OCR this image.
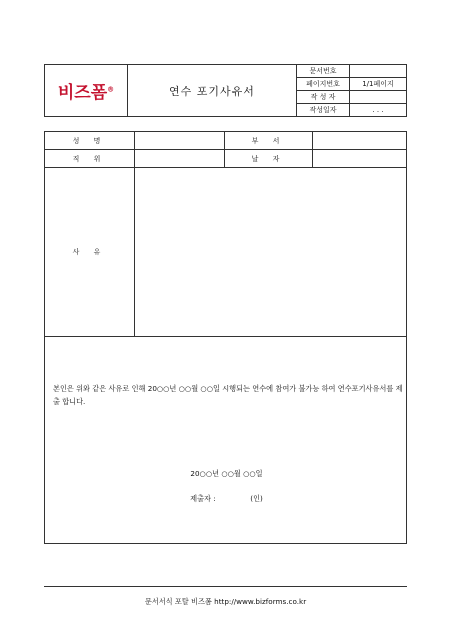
비즈폼®	연수 포기사유서	문서번호	
		페이지번호	1/1페이지
		작 성 자	
		작성일자	. . .
성 명		부 서	
직 위		날 자	
사 유			
본인은 위와 같은 사유로 인해 20○○년 ○○월 ○○일 시행되는 연수에 참여가 불가능 하여 연수포기사유서를 제출 합니다.
20○○년 ○○월 ○○일
제출자 :	(인)
문서서식 포탈 비즈폼 http://www.bizforms.co.kr
